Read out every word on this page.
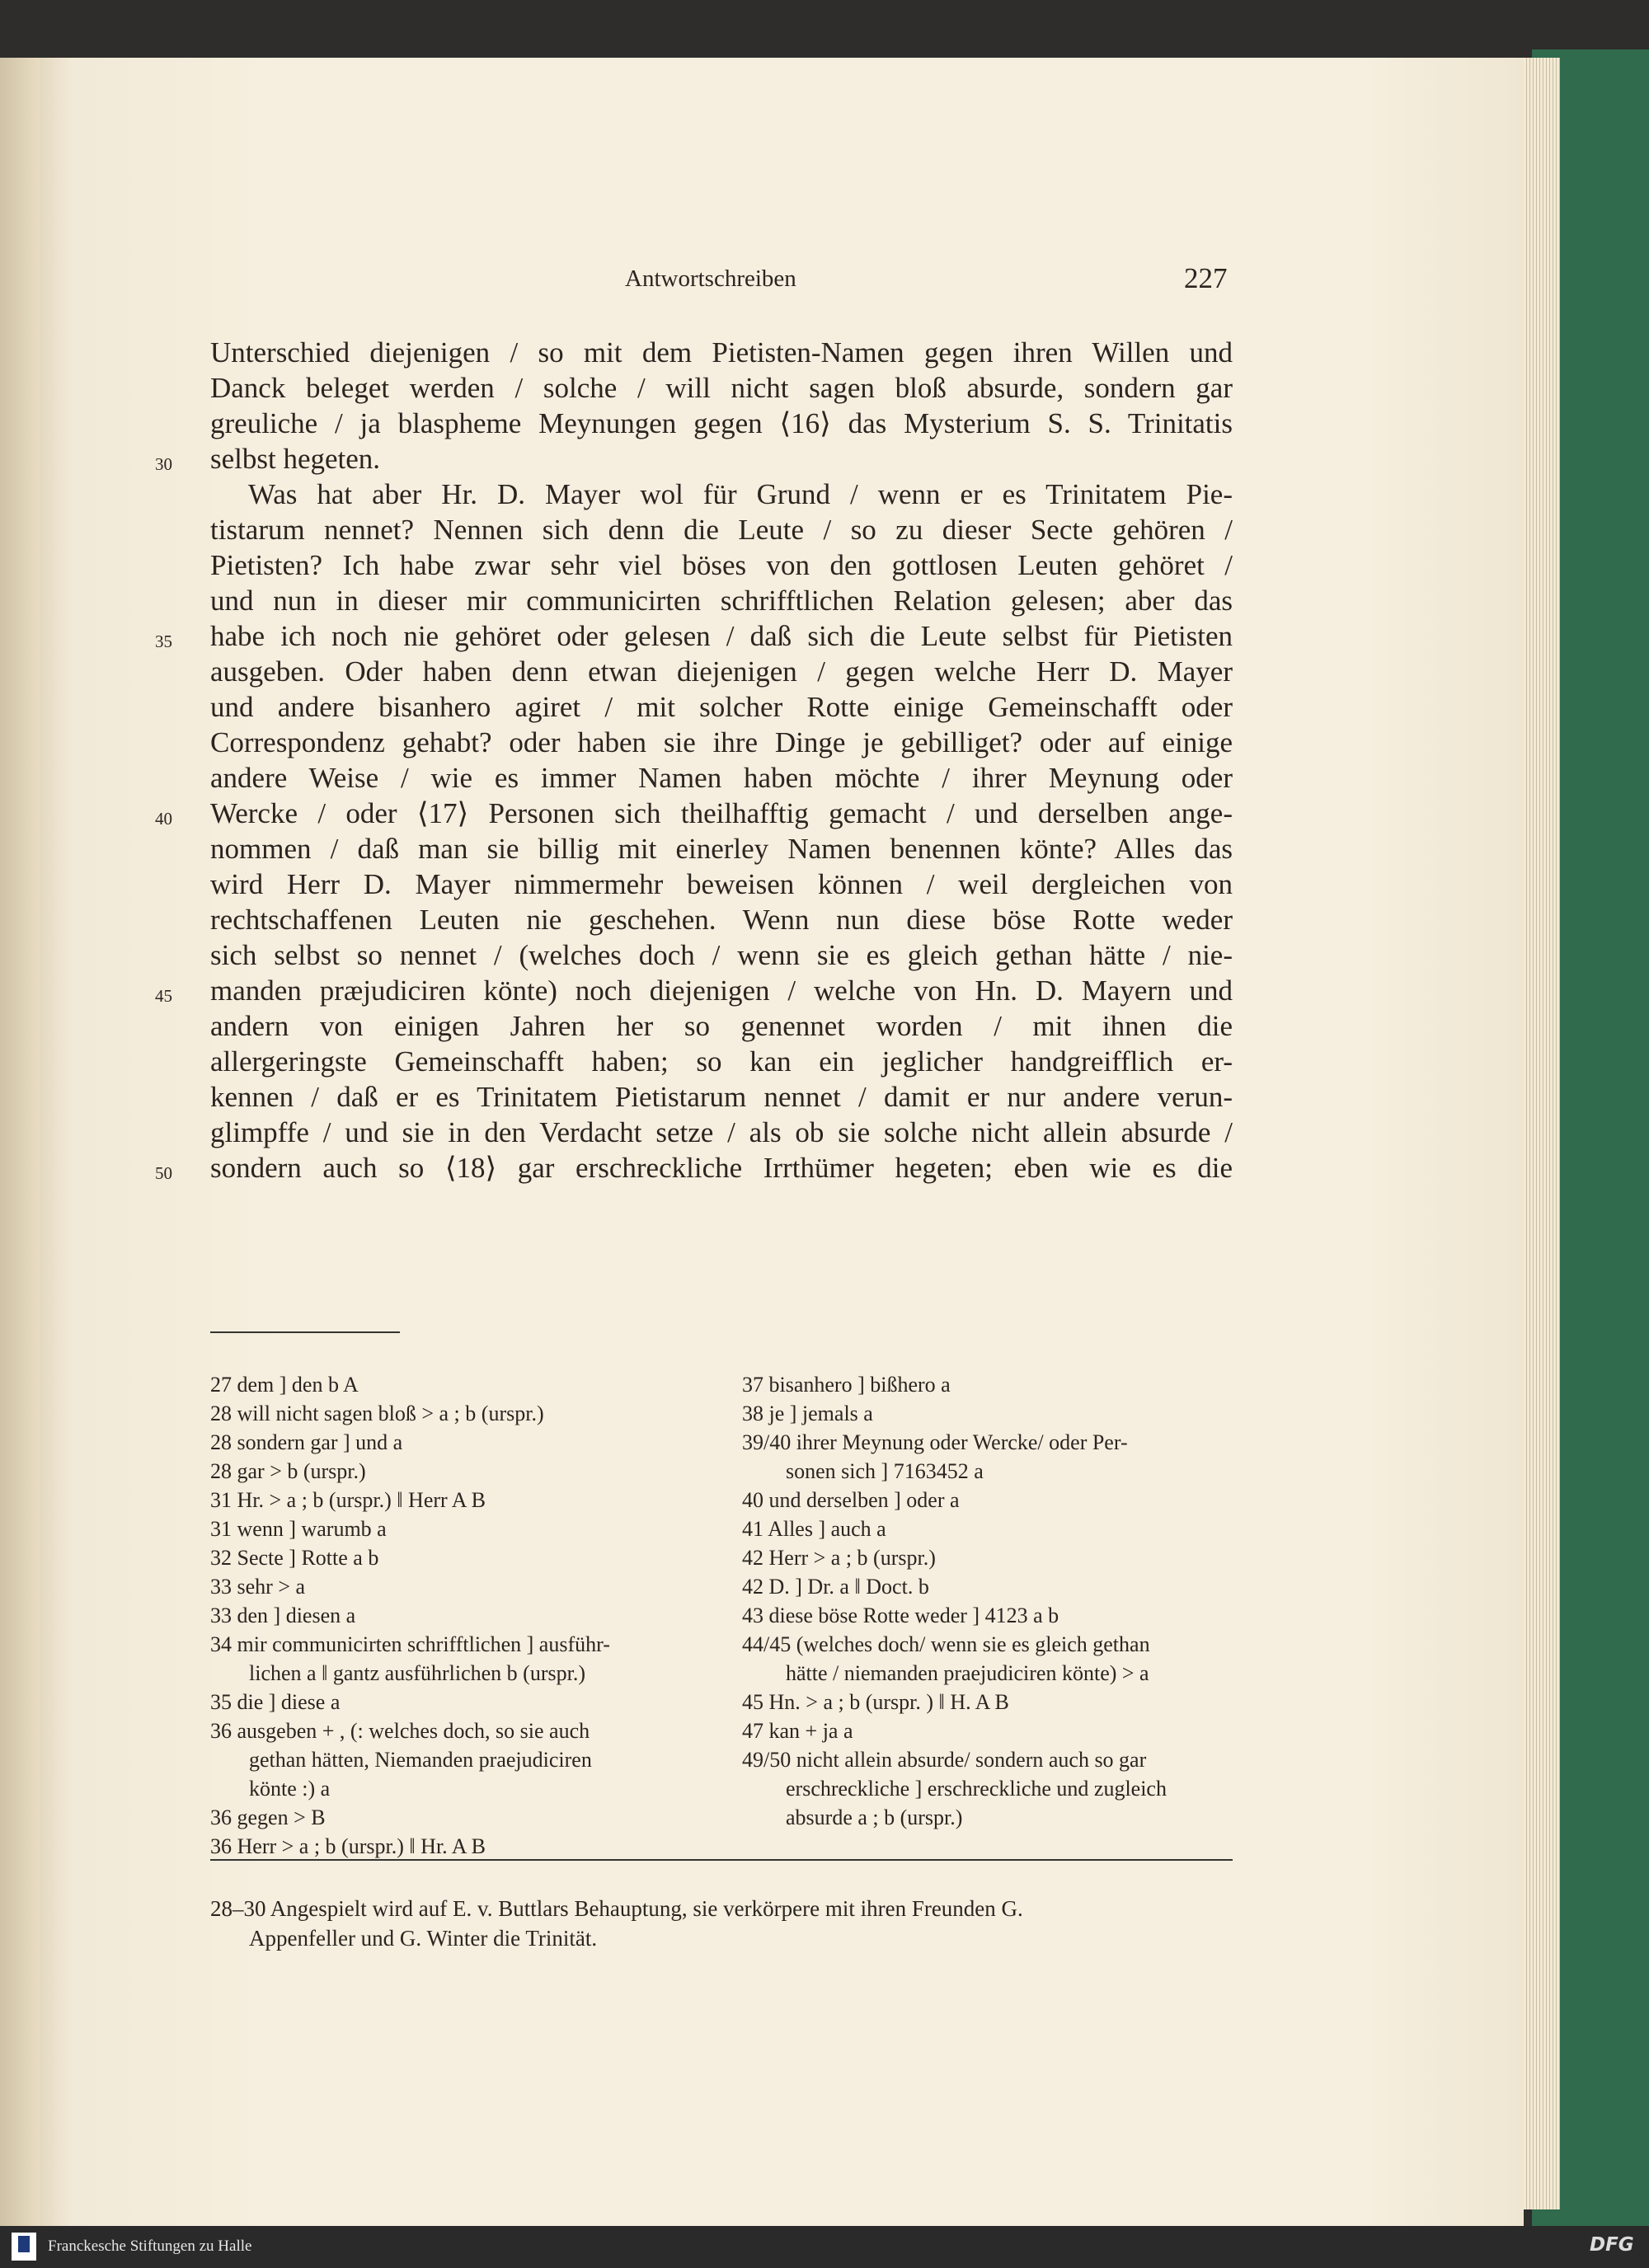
Antwortschreiben	227
Unterschied diejenigen / so mit dem Pietisten-Namen gegen ihren Willen und
Danck beleget werden / solche / will nicht sagen bloß absurde, sondern gar
greuliche / ja blaspheme Meynungen gegen ⟨16⟩ das Mysterium S. S. Trinitatis
selbst hegeten.
Was hat aber Hr. D. Mayer wol für Grund / wenn er es Trinitatem Pie-
tistarum nennet? Nennen sich denn die Leute / so zu dieser Secte gehören /
Pietisten? Ich habe zwar sehr viel böses von den gottlosen Leuten gehöret /
und nun in dieser mir communicirten schrifftlichen Relation gelesen; aber das
habe ich noch nie gehöret oder gelesen / daß sich die Leute selbst für Pietisten
ausgeben. Oder haben denn etwan diejenigen / gegen welche Herr D. Mayer
und andere bisanhero agiret / mit solcher Rotte einige Gemeinschafft oder
Correspondenz gehabt? oder haben sie ihre Dinge je gebilliget? oder auf einige
andere Weise / wie es immer Namen haben möchte / ihrer Meynung oder
Wercke / oder ⟨17⟩ Personen sich theilhafftig gemacht / und derselben ange-
nommen / daß man sie billig mit einerley Namen benennen könte? Alles das
wird Herr D. Mayer nimmermehr beweisen können / weil dergleichen von
rechtschaffenen Leuten nie geschehen. Wenn nun diese böse Rotte weder
sich selbst so nennet / (welches doch / wenn sie es gleich gethan hätte / nie-
manden præjudiciren könte) noch diejenigen / welche von Hn. D. Mayern und
andern von einigen Jahren her so genennet worden / mit ihnen die
allergeringste Gemeinschafft haben; so kan ein jeglicher handgreifflich er-
kennen / daß er es Trinitatem Pietistarum nennet / damit er nur andere verun-
glimpffe / und sie in den Verdacht setze / als ob sie solche nicht allein absurde /
sondern auch so ⟨18⟩ gar erschreckliche Irrthümer hegeten; eben wie es die
30
35
40
45
50
27 dem ] den b A
28 will nicht sagen bloß > a ; b (urspr.)
28 sondern gar ] und a
28 gar > b (urspr.)
31 Hr. > a ; b (urspr.) ‖ Herr A B
31 wenn ] warumb a
32 Secte ] Rotte a b
33 sehr > a
33 den ] diesen a
34 mir communicirten schrifftlichen ] ausführ-
lichen a ‖ gantz ausführlichen b (urspr.)
35 die ] diese a
36 ausgeben + , (: welches doch, so sie auch
gethan hätten, Niemanden praejudiciren
könte :) a
36 gegen > B
36 Herr > a ; b (urspr.) ‖ Hr. A B
37 bisanhero ] bißhero a
38 je ] jemals a
39/40 ihrer Meynung oder Wercke/ oder Per-
sonen sich ] 7163452 a
40 und derselben ] oder a
41 Alles ] auch a
42 Herr > a ; b (urspr.)
42 D. ] Dr. a ‖ Doct. b
43 diese böse Rotte weder ] 4123 a b
44/45 (welches doch/ wenn sie es gleich gethan
hätte / niemanden praejudiciren könte) > a
45 Hn. > a ; b (urspr. ) ‖ H. A B
47 kan + ja a
49/50 nicht allein absurde/ sondern auch so gar
erschreckliche ] erschreckliche und zugleich
absurde a ; b (urspr.)
28–30 Angespielt wird auf E. v. Buttlars Behauptung, sie verkörpere mit ihren Freunden G.
Appenfeller und G. Winter die Trinität.
Franckesche Stiftungen zu Halle	DFG
